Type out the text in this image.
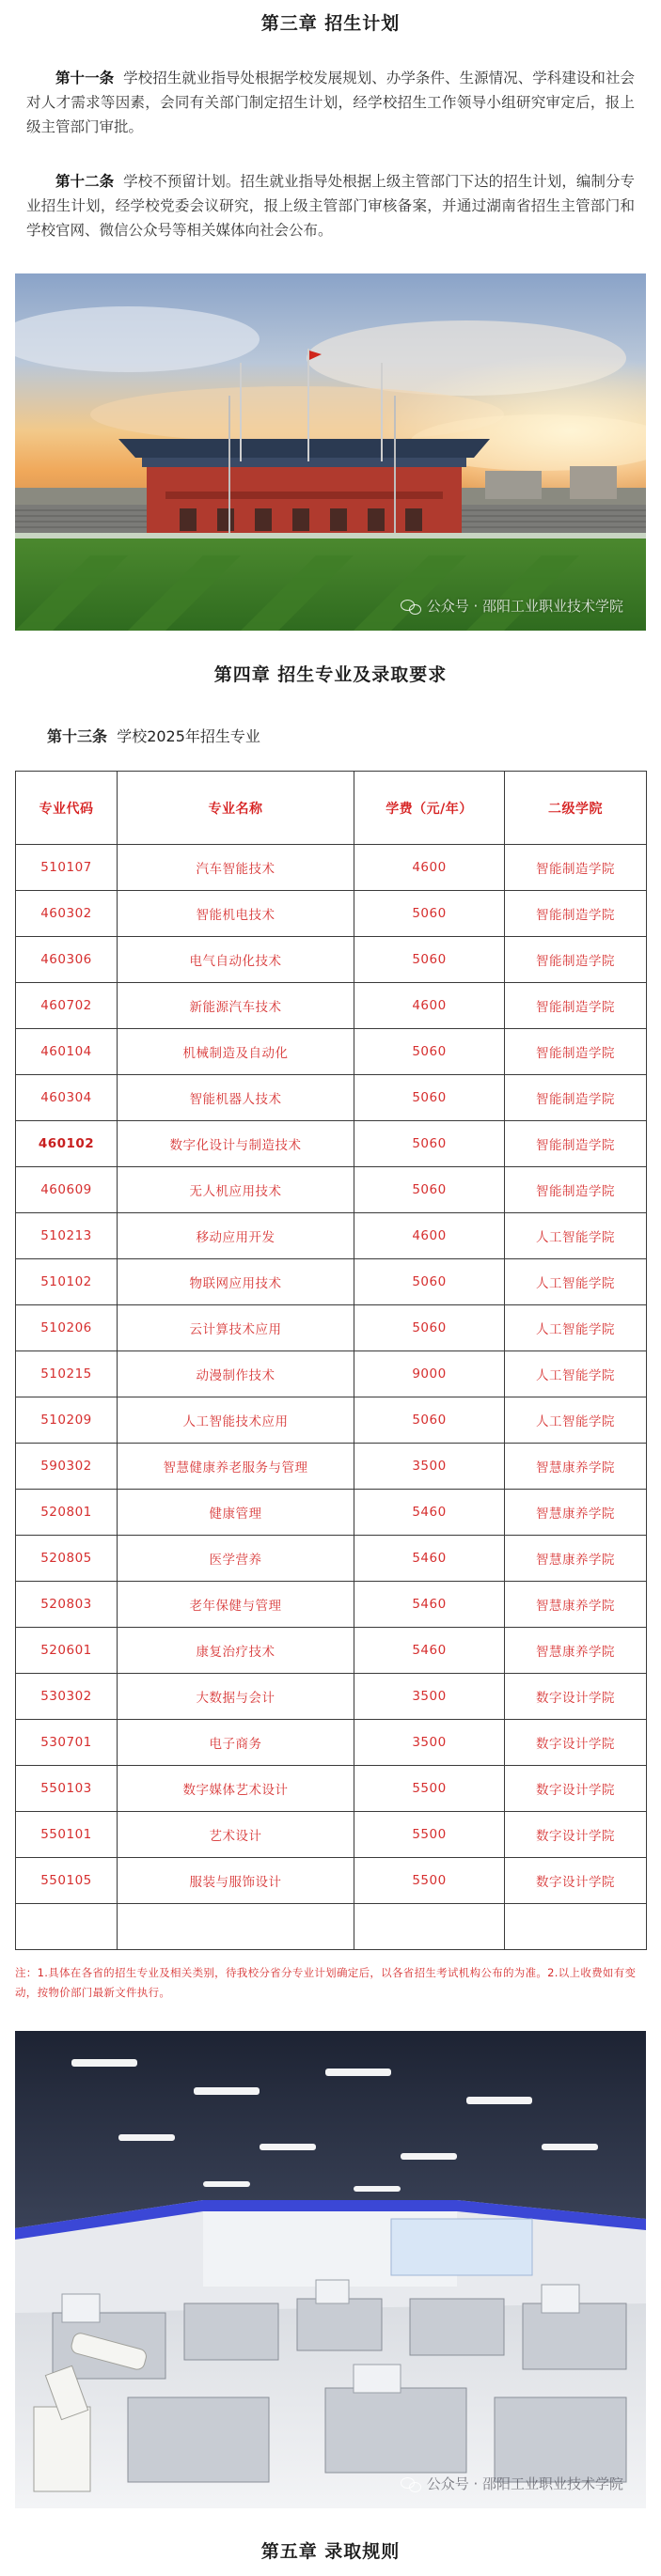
第三章 招生计划
第十一条 学校招生就业指导处根据学校发展规划、办学条件、生源情况、学科建设和社会对人才需求等因素，会同有关部门制定招生计划，经学校招生工作领导小组研究审定后，报上级主管部门审批。
第十二条 学校不预留计划。招生就业指导处根据上级主管部门下达的招生计划，编制分专业招生计划，经学校党委会议研究，报上级主管部门审核备案，并通过湖南省招生主管部门和学校官网、微信公众号等相关媒体向社会公布。
公众号 · 邵阳工业职业技术学院
第四章 招生专业及录取要求
第十三条 学校2025年招生专业
专业代码	专业名称	学费（元/年）	二级学院
510107	汽车智能技术	4600	智能制造学院
460302	智能机电技术	5060	智能制造学院
460306	电气自动化技术	5060	智能制造学院
460702	新能源汽车技术	4600	智能制造学院
460104	机械制造及自动化	5060	智能制造学院
460304	智能机器人技术	5060	智能制造学院
460102	数字化设计与制造技术	5060	智能制造学院
460609	无人机应用技术	5060	智能制造学院
510213	移动应用开发	4600	人工智能学院
510102	物联网应用技术	5060	人工智能学院
510206	云计算技术应用	5060	人工智能学院
510215	动漫制作技术	9000	人工智能学院
510209	人工智能技术应用	5060	人工智能学院
590302	智慧健康养老服务与管理	3500	智慧康养学院
520801	健康管理	5460	智慧康养学院
520805	医学营养	5460	智慧康养学院
520803	老年保健与管理	5460	智慧康养学院
520601	康复治疗技术	5460	智慧康养学院
530302	大数据与会计	3500	数字设计学院
530701	电子商务	3500	数字设计学院
550103	数字媒体艺术设计	5500	数字设计学院
550101	艺术设计	5500	数字设计学院
550105	服装与服饰设计	5500	数字设计学院

注：1.具体在各省的招生专业及相关类别，待我校分省分专业计划确定后，以各省招生考试机构公布的为准。2.以上收费如有变动，按物价部门最新文件执行。
公众号 · 邵阳工业职业技术学院
第五章 录取规则
